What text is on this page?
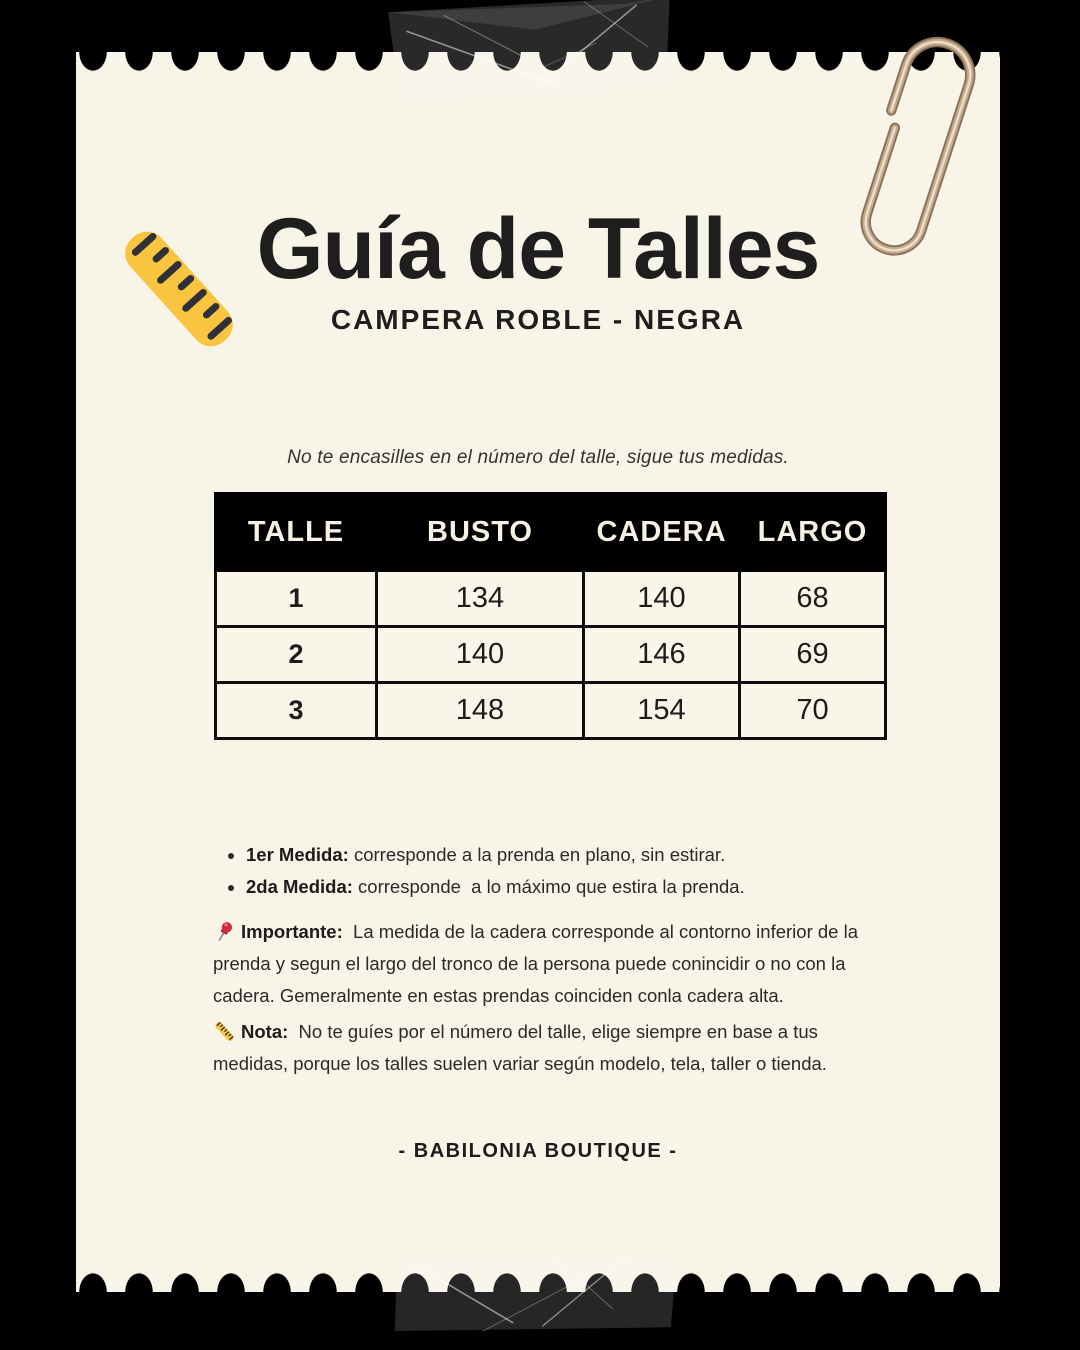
Guía de Talles
CAMPERA ROBLE - NEGRA
No te encasilles en el número del talle, sigue tus medidas.
TALLE	BUSTO	CADERA	LARGO
1	134	140	68
2	140	146	69
3	148	154	70
• 1er Medida: corresponde a la prenda en plano, sin estirar.
• 2da Medida: corresponde  a lo máximo que estira la prenda.

Importante:  La medida de la cadera corresponde al contorno inferior de la prenda y segun el largo del tronco de la persona puede conincidir o no con la cadera. Gemeralmente en estas prendas coinciden conla cadera alta.

Nota:  No te guíes por el número del talle, elige siempre en base a tus medidas, porque los talles suelen variar según modelo, tela, taller o tienda.

- BABILONIA BOUTIQUE -
